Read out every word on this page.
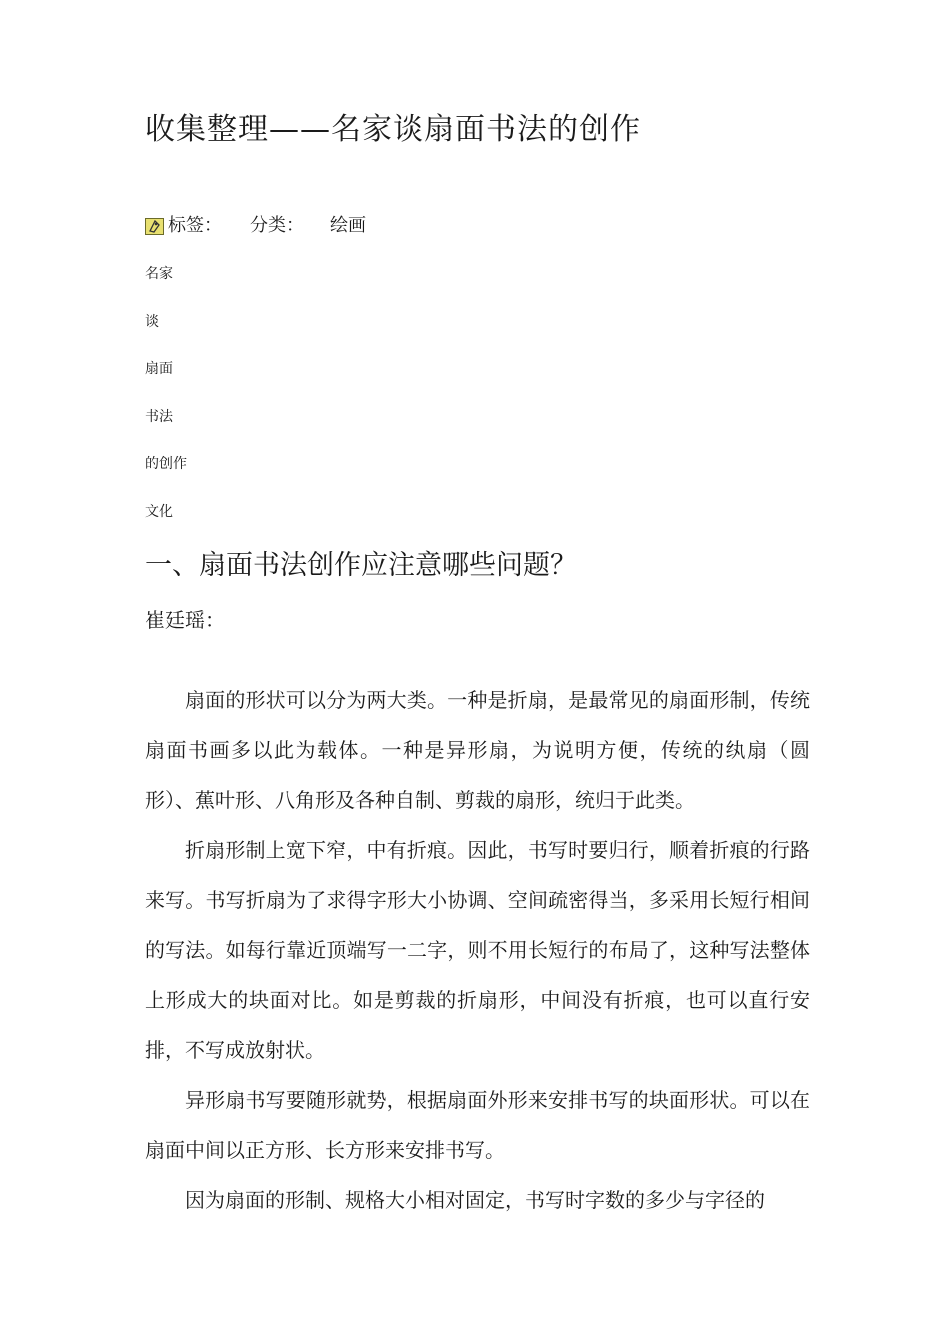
收集整理——名家谈扇面书法的创作
标签： 分类： 绘画
名家
谈
扇面
书法
的创作
文化
一、扇面书法创作应注意哪些问题？
崔廷瑶：

扇面的形状可以分为两大类。一种是折扇，是最常见的扇面形制，传统扇面书画多以此为载体。一种是异形扇，为说明方便，传统的纨扇（圆形）、蕉叶形、八角形及各种自制、剪裁的扇形，统归于此类。

折扇形制上宽下窄，中有折痕。因此，书写时要归行，顺着折痕的行路来写。书写折扇为了求得字形大小协调、空间疏密得当，多采用长短行相间的写法。如每行靠近顶端写一二字，则不用长短行的布局了，这种写法整体上形成大的块面对比。如是剪裁的折扇形，中间没有折痕，也可以直行安排，不写成放射状。

异形扇书写要随形就势，根据扇面外形来安排书写的块面形状。可以在扇面中间以正方形、长方形来安排书写。

因为扇面的形制、规格大小相对固定，书写时字数的多少与字径的
